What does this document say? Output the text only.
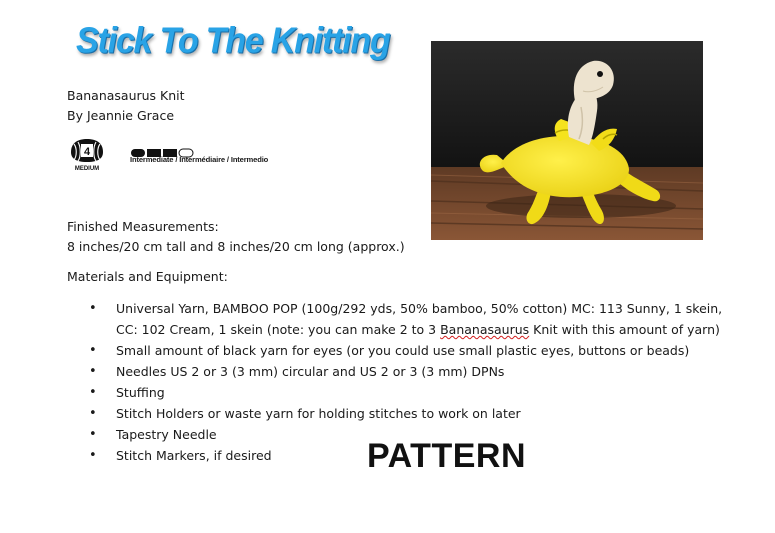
Stick To The Knitting
Bananasaurus Knit
By Jeannie Grace
4
MEDIUM
Intermediate / Intermédiaire / Intermedio
Finished Measurements:
8 inches/20 cm tall and 8 inches/20 cm long (approx.)
Materials and Equipment:
• Universal Yarn, BAMBOO POP (100g/292 yds, 50% bamboo, 50% cotton) MC: 113 Sunny, 1 skein,
CC: 102 Cream, 1 skein (note: you can make 2 to 3 Bananasaurus Knit with this amount of yarn)
• Small amount of black yarn for eyes (or you could use small plastic eyes, buttons or beads)
• Needles US 2 or 3 (3 mm) circular and US 2 or 3 (3 mm) DPNs
• Stuffing
• Stitch Holders or waste yarn for holding stitches to work on later
• Tapestry Needle
• Stitch Markers, if desired	PATTERN
